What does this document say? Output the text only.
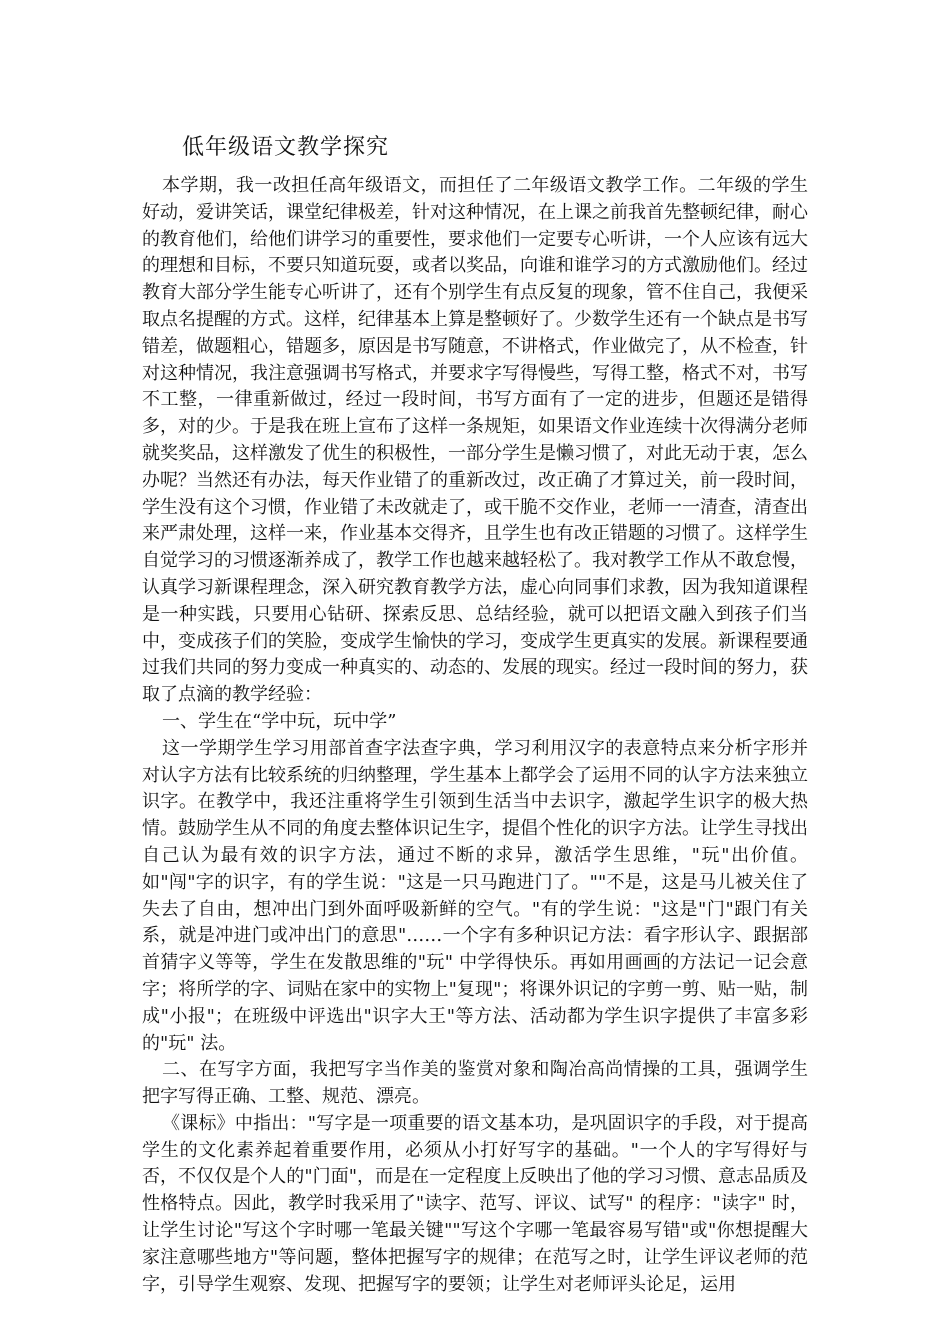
低年级语文教学探究

本学期，我一改担任高年级语文，而担任了二年级语文教学工作。二年级的学生好动，爱讲笑话，课堂纪律极差，针对这种情况，在上课之前我首先整顿纪律，耐心的教育他们，给他们讲学习的重要性，要求他们一定要专心听讲，一个人应该有远大的理想和目标，不要只知道玩耍，或者以奖品，向谁和谁学习的方式激励他们。经过教育大部分学生能专心听讲了，还有个别学生有点反复的现象，管不住自己，我便采取点名提醒的方式。这样，纪律基本上算是整顿好了。少数学生还有一个缺点是书写错差，做题粗心，错题多，原因是书写随意，不讲格式，作业做完了，从不检查，针对这种情况，我注意强调书写格式，并要求字写得慢些，写得工整，格式不对，书写不工整，一律重新做过，经过一段时间，书写方面有了一定的进步，但题还是错得多，对的少。于是我在班上宣布了这样一条规矩，如果语文作业连续十次得满分老师就奖奖品，这样激发了优生的积极性，一部分学生是懒习惯了，对此无动于衷，怎么办呢？当然还有办法，每天作业错了的重新改过，改正确了才算过关，前一段时间，学生没有这个习惯，作业错了未改就走了，或干脆不交作业，老师一一清查，清查出来严肃处理，这样一来，作业基本交得齐，且学生也有改正错题的习惯了。这样学生自觉学习的习惯逐渐养成了，教学工作也越来越轻松了。我对教学工作从不敢怠慢，认真学习新课程理念，深入研究教育教学方法，虚心向同事们求教，因为我知道课程是一种实践，只要用心钻研、探索反思、总结经验，就可以把语文融入到孩子们当中，变成孩子们的笑脸，变成学生愉快的学习，变成学生更真实的发展。新课程要通过我们共同的努力变成一种真实的、动态的、发展的现实。经过一段时间的努力，获取了点滴的教学经验：

一、学生在“学中玩，玩中学”

这一学期学生学习用部首查字法查字典，学习利用汉字的表意特点来分析字形并对认字方法有比较系统的归纳整理，学生基本上都学会了运用不同的认字方法来独立识字。在教学中，我还注重将学生引领到生活当中去识字，激起学生识字的极大热情。鼓励学生从不同的角度去整体识记生字，提倡个性化的识字方法。让学生寻找出自己认为最有效的识字方法，通过不断的求异，激活学生思维，"玩"出价值。如"闯"字的识字，有的学生说："这是一只马跑进门了。""不是，这是马儿被关住了失去了自由，想冲出门到外面呼吸新鲜的空气。"有的学生说："这是"门"跟门有关系，就是冲进门或冲出门的意思"……一个字有多种识记方法：看字形认字、跟据部首猜字义等等，学生在发散思维的"玩" 中学得快乐。再如用画画的方法记一记会意字；将所学的字、词贴在家中的实物上"复现"；将课外识记的字剪一剪、贴一贴，制成"小报"；在班级中评选出"识字大王"等方法、活动都为学生识字提供了丰富多彩的"玩" 法。

二、在写字方面，我把写字当作美的鉴赏对象和陶冶高尚情操的工具，强调学生把字写得正确、工整、规范、漂亮。

《课标》中指出："写字是一项重要的语文基本功，是巩固识字的手段，对于提高学生的文化素养起着重要作用，必须从小打好写字的基础。"一个人的字写得好与否，不仅仅是个人的"门面"，而是在一定程度上反映出了他的学习习惯、意志品质及性格特点。因此，教学时我采用了"读字、范写、评议、试写" 的程序："读字" 时，让学生讨论"写这个字时哪一笔最关键""写这个字哪一笔最容易写错"或"你想提醒大家注意哪些地方"等问题，整体把握写字的规律；在范写之时，让学生评议老师的范字，引导学生观察、发现、把握写字的要领；让学生对老师评头论足，运用
